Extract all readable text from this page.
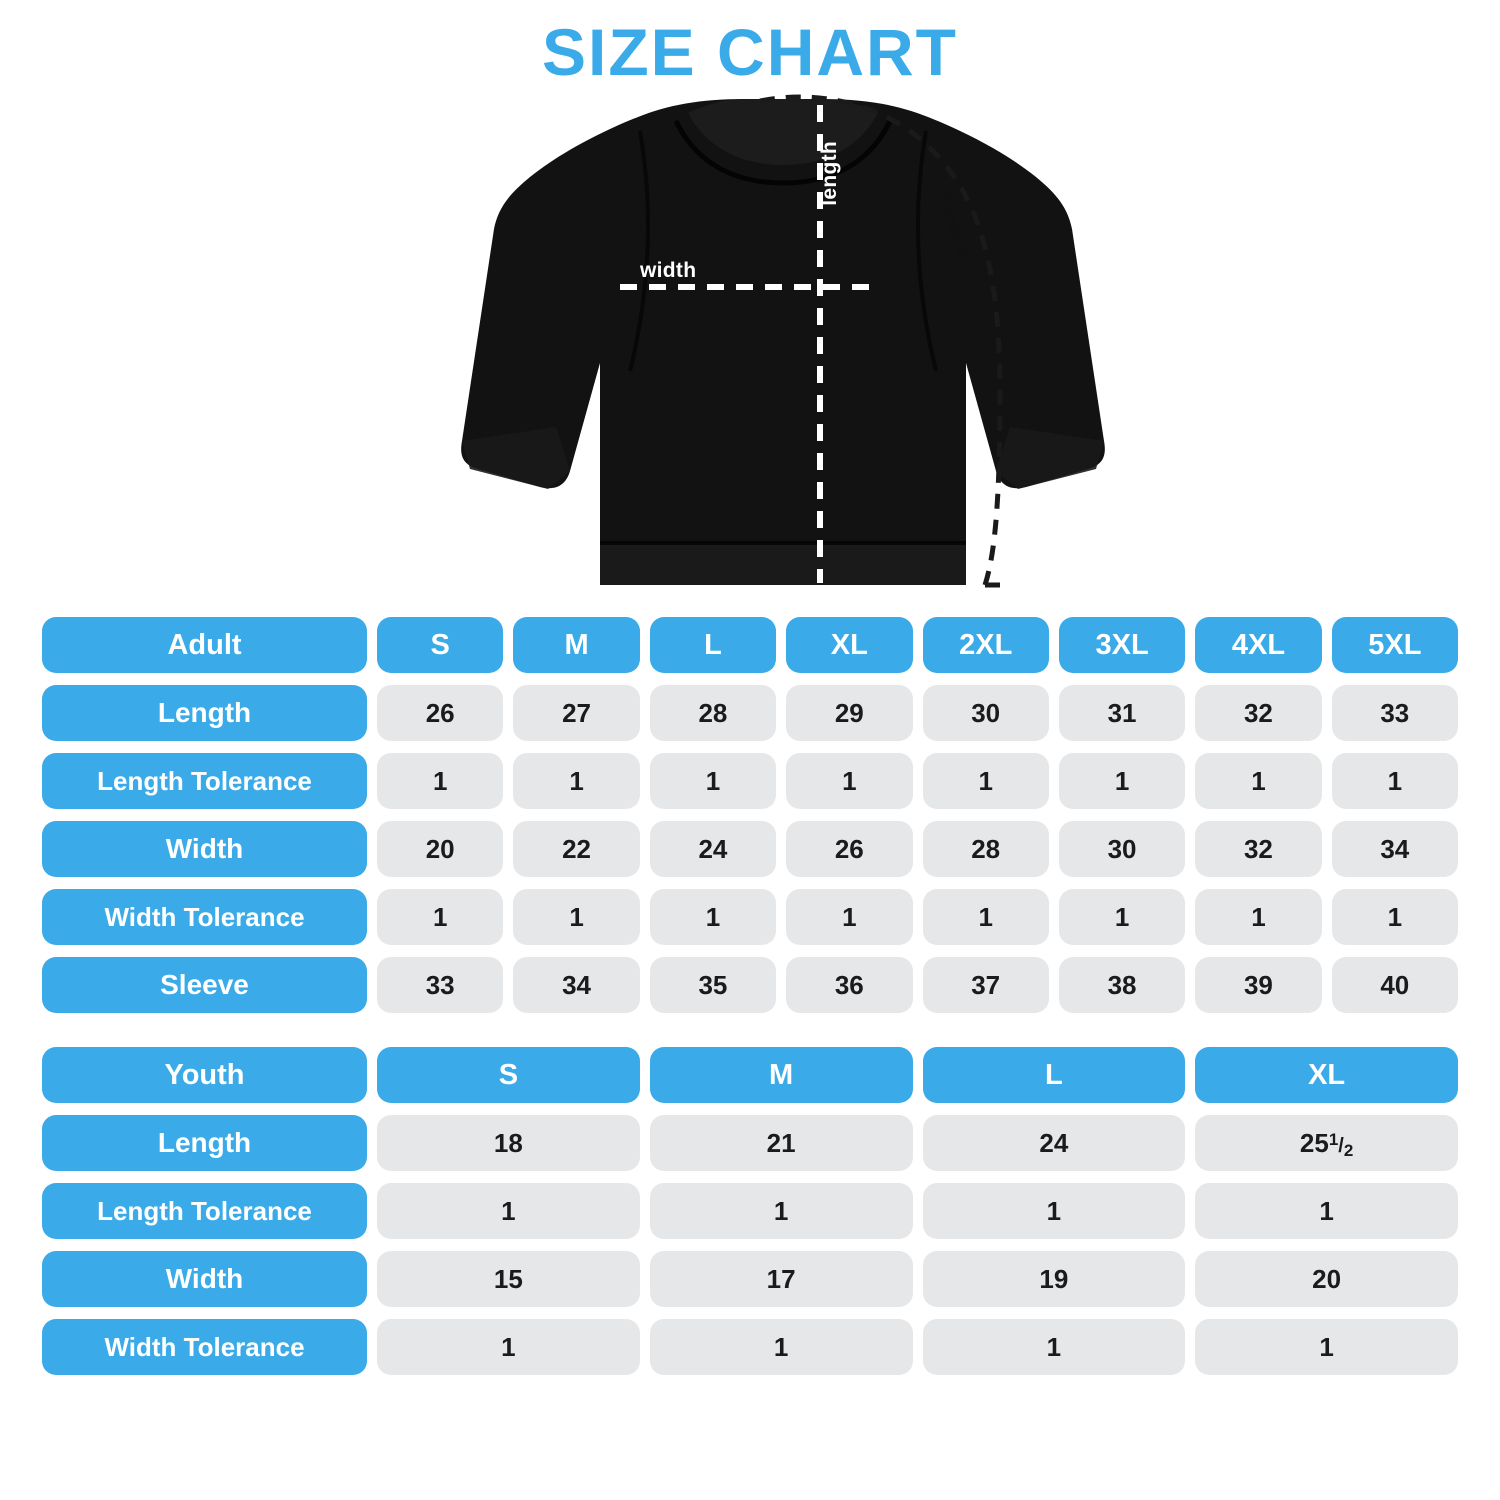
SIZE CHART
width
length
sleeve
Adult	S	M	L	XL	2XL	3XL	4XL	5XL
Length	26	27	28	29	30	31	32	33
Length Tolerance	1	1	1	1	1	1	1	1
Width	20	22	24	26	28	30	32	34
Width Tolerance	1	1	1	1	1	1	1	1
Sleeve	33	34	35	36	37	38	39	40
Youth	S	M	L	XL
Length	18	21	24	$25^1/2$
Length Tolerance	1	1	1	1
Width	15	17	19	20
Width Tolerance	1	1	1	1
